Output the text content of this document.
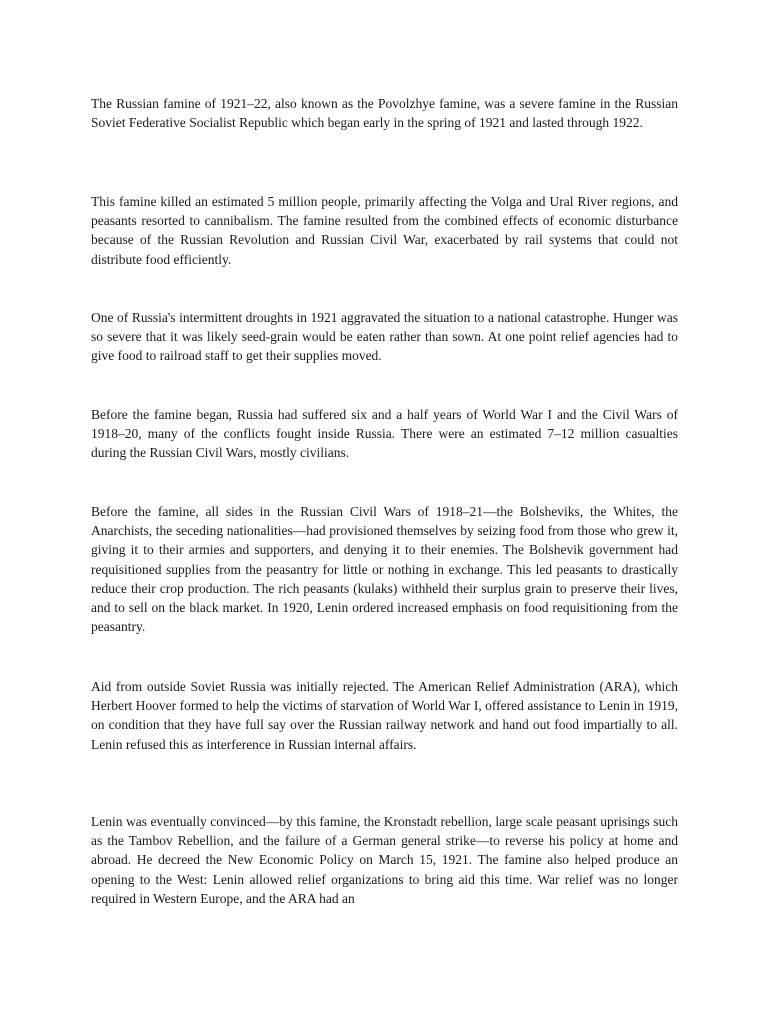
The Russian famine of 1921–22, also known as the Povolzhye famine, was a severe famine in the Russian Soviet Federative Socialist Republic which began early in the spring of 1921 and lasted through 1922.

This famine killed an estimated 5 million people, primarily affecting the Volga and Ural River regions, and peasants resorted to cannibalism. The famine resulted from the combined effects of economic disturbance because of the Russian Revolution and Russian Civil War, exacerbated by rail systems that could not distribute food efficiently.

One of Russia's intermittent droughts in 1921 aggravated the situation to a national catastrophe. Hunger was so severe that it was likely seed-grain would be eaten rather than sown. At one point relief agencies had to give food to railroad staff to get their supplies moved.

Before the famine began, Russia had suffered six and a half years of World War I and the Civil Wars of 1918–20, many of the conflicts fought inside Russia. There were an estimated 7–12 million casualties during the Russian Civil Wars, mostly civilians.

Before the famine, all sides in the Russian Civil Wars of 1918–21—the Bolsheviks, the Whites, the Anarchists, the seceding nationalities—had provisioned themselves by seizing food from those who grew it, giving it to their armies and supporters, and denying it to their enemies. The Bolshevik government had requisitioned supplies from the peasantry for little or nothing in exchange. This led peasants to drastically reduce their crop production. The rich peasants (kulaks) withheld their surplus grain to preserve their lives, and to sell on the black market. In 1920, Lenin ordered increased emphasis on food requisitioning from the peasantry.

Aid from outside Soviet Russia was initially rejected. The American Relief Administration (ARA), which Herbert Hoover formed to help the victims of starvation of World War I, offered assistance to Lenin in 1919, on condition that they have full say over the Russian railway network and hand out food impartially to all. Lenin refused this as interference in Russian internal affairs.

Lenin was eventually convinced—by this famine, the Kronstadt rebellion, large scale peasant uprisings such as the Tambov Rebellion, and the failure of a German general strike—to reverse his policy at home and abroad. He decreed the New Economic Policy on March 15, 1921. The famine also helped produce an opening to the West: Lenin allowed relief organizations to bring aid this time. War relief was no longer required in Western Europe, and the ARA had an
